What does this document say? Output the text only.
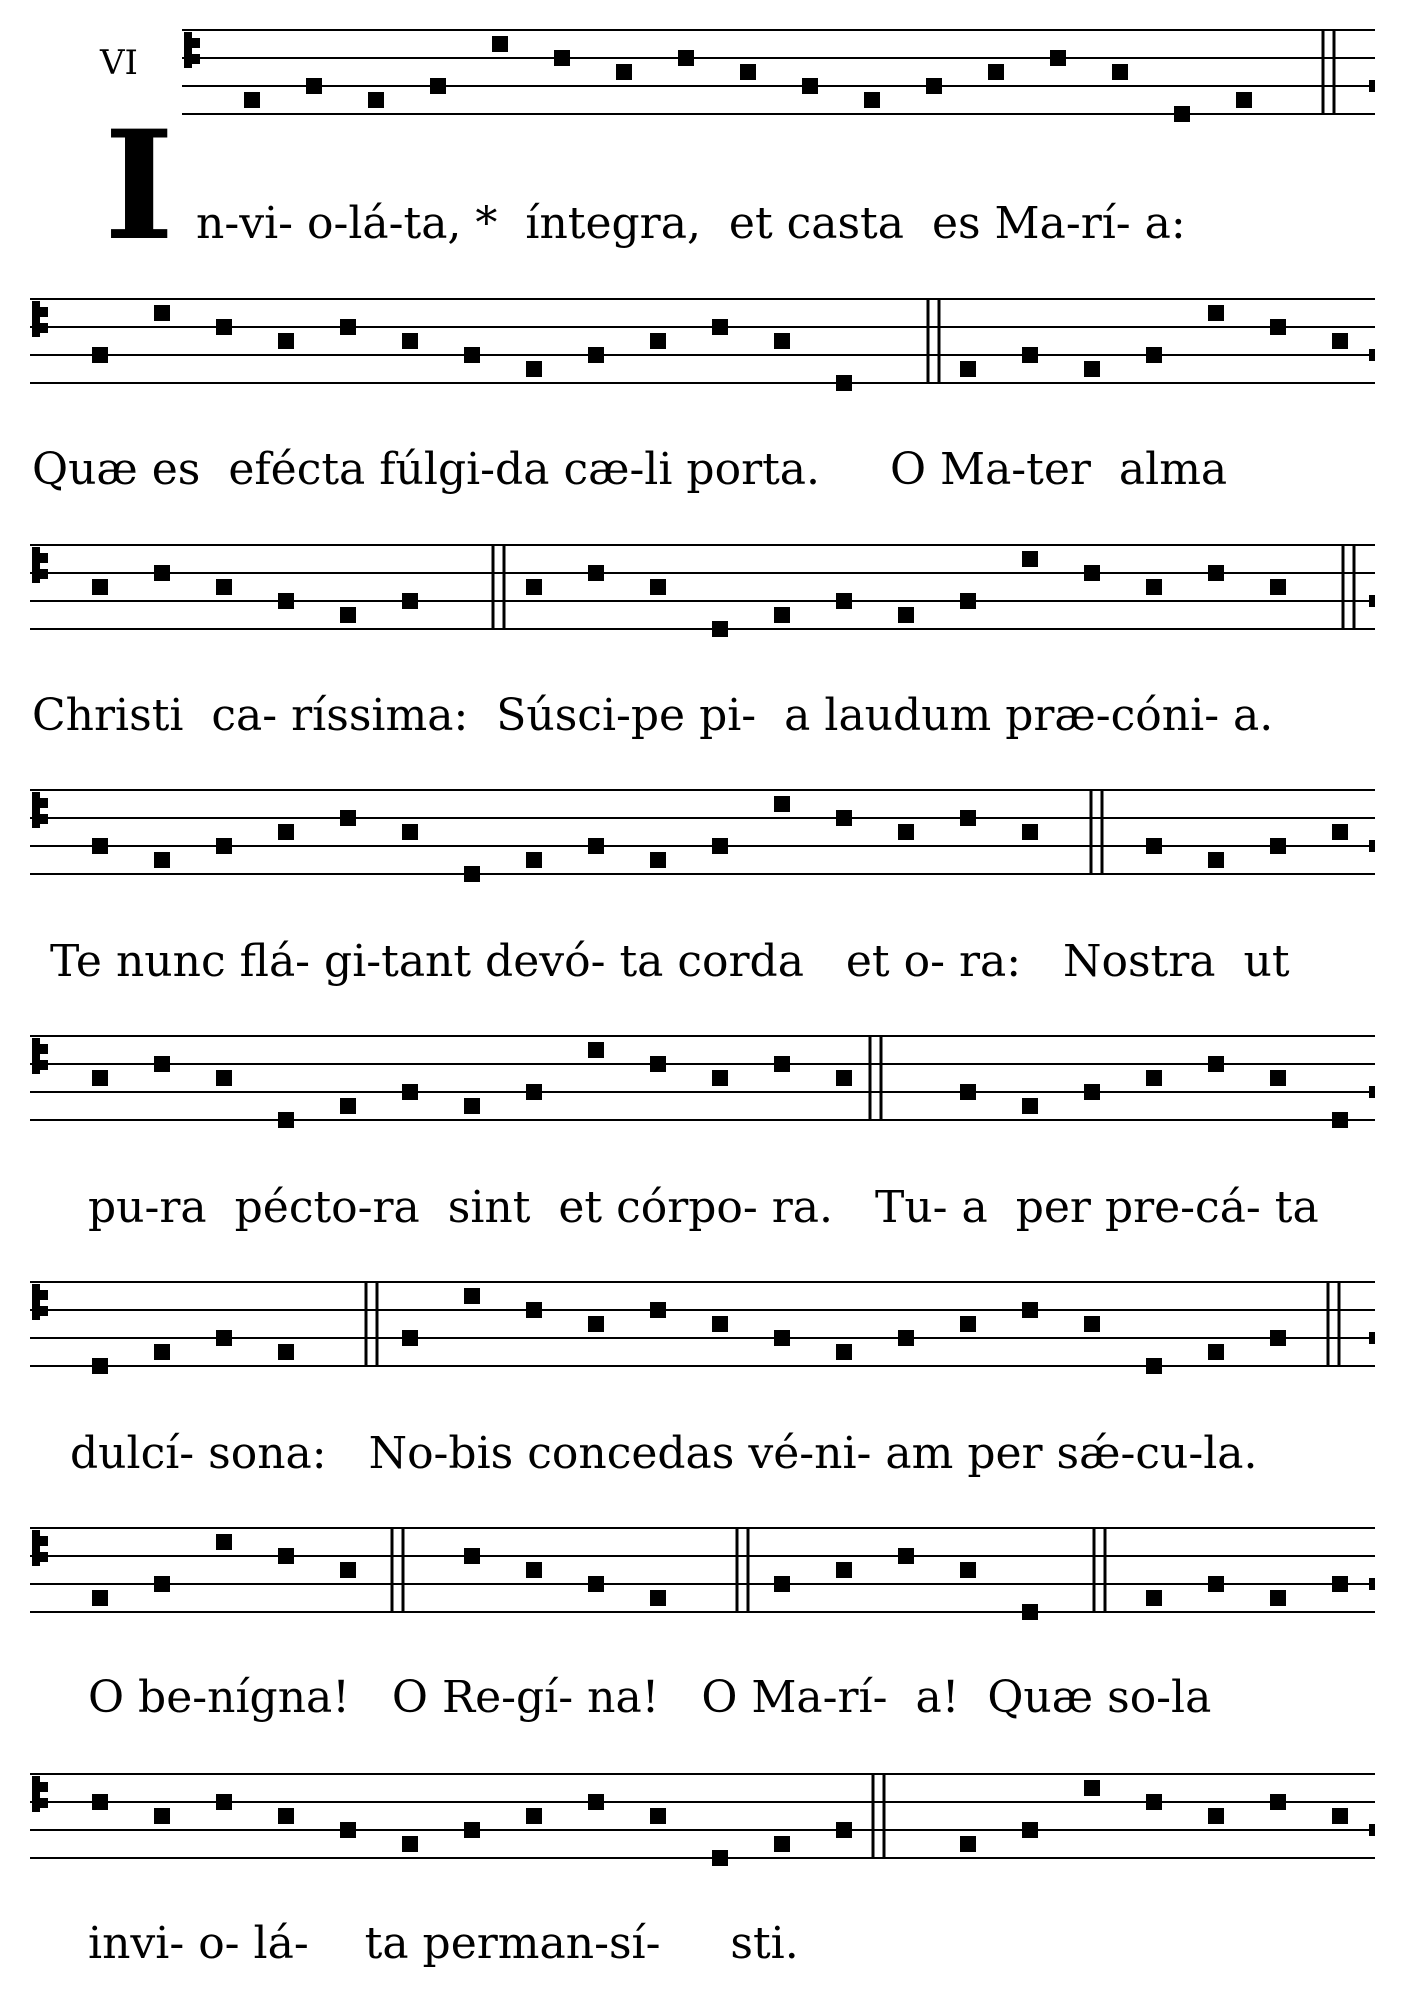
VI
I n-vi- o-lá-ta, *  íntegra,  et casta  es Ma-rí- a:
Quæ es  efécta fúlgi-da cæ-li porta.     O Ma-ter  alma
Christi  ca- ríssima:  Súsci-pe pi-  a laudum præ-cóni- a.
Te nunc flá- gi-tant devó- ta corda   et o- ra:   Nostra  ut
pu-ra  péctо-ra  sint  et córpo- ra.   Tu- a  per pre-cá- ta
dulcí- sona:   No-bis concedas vé-ni- am per sǽ-cu-la.
O be-nígna!   O Re-gí- na!   O Ma-rí-  a!  Quæ so-la
invi- o- lá-    ta perman-sí-     sti.
